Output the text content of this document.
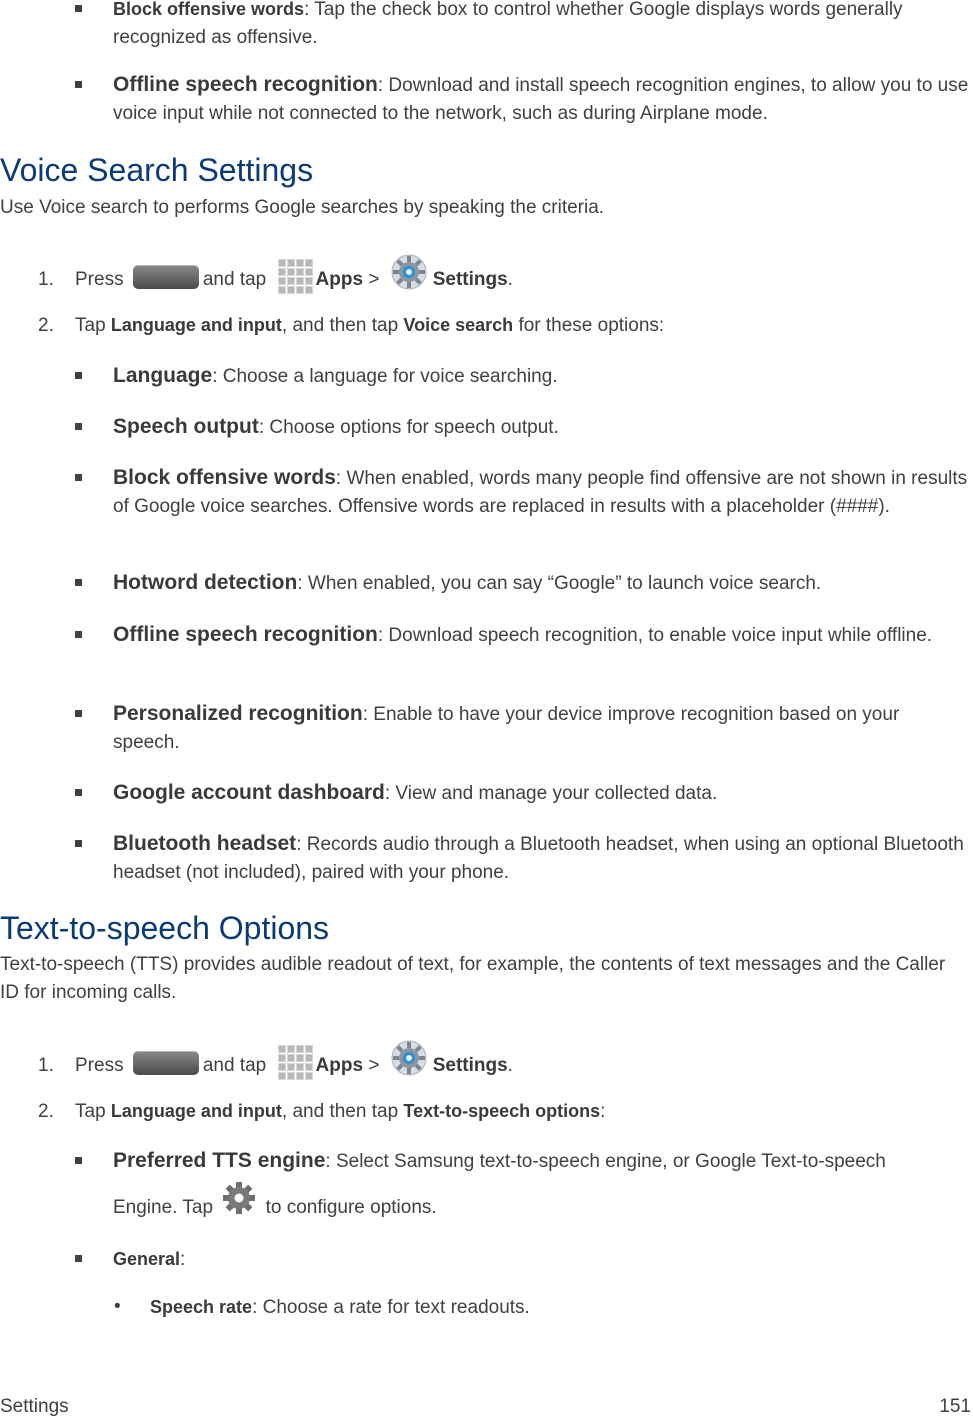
Block offensive words: Tap the check box to control whether Google displays words generally recognized as offensive.
Offline speech recognition: Download and install speech recognition engines, to allow you to use voice input while not connected to the network, such as during Airplane mode.
Voice Search Settings
Use Voice search to performs Google searches by speaking the criteria.
1. Press	and tap	Apps >	Settings.
2. Tap Language and input, and then tap Voice search for these options:
Language: Choose a language for voice searching.
Speech output: Choose options for speech output.
Block offensive words: When enabled, words many people find offensive are not shown in results of Google voice searches. Offensive words are replaced in results with a placeholder (####).
Hotword detection: When enabled, you can say “Google” to launch voice search.
Offline speech recognition: Download speech recognition, to enable voice input while offline.
Personalized recognition: Enable to have your device improve recognition based on your speech.
Google account dashboard: View and manage your collected data.
Bluetooth headset: Records audio through a Bluetooth headset, when using an optional Bluetooth headset (not included), paired with your phone.
Text-to-speech Options
Text-to-speech (TTS) provides audible readout of text, for example, the contents of text messages and the Caller ID for incoming calls.
1. Press	and tap	Apps >	Settings.
2. Tap Language and input, and then tap Text-to-speech options:
Preferred TTS engine: Select Samsung text-to-speech engine, or Google Text-to-speech
Engine. Tap	to configure options.
General:
• Speech rate: Choose a rate for text readouts.
Settings	151
